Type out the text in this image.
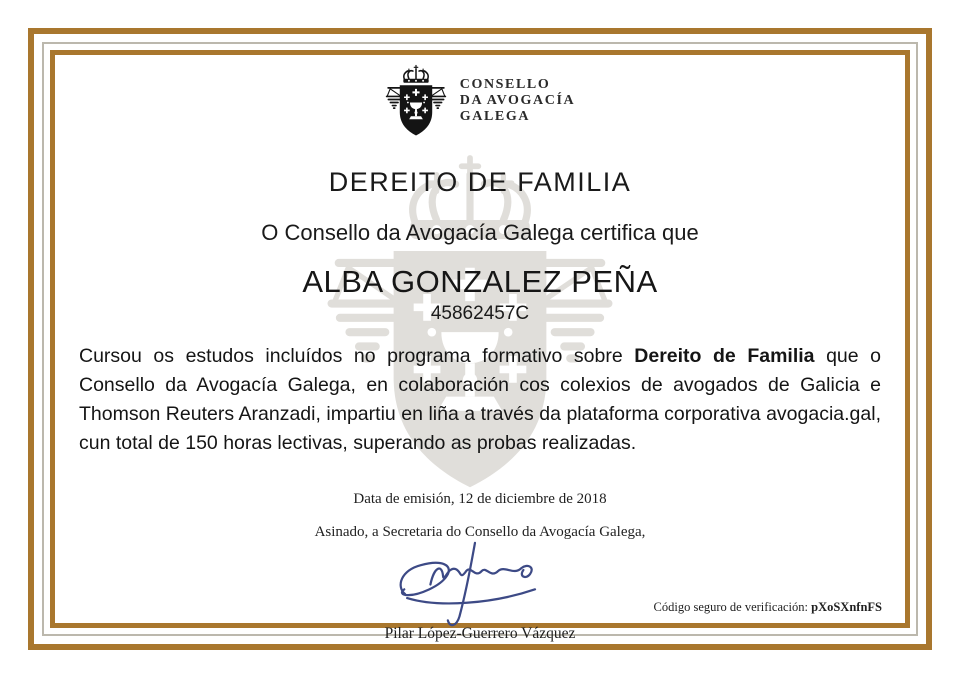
CONSELLO
DA AVOGACÍA
GALEGA
DEREITO DE FAMILIA
O Consello da Avogacía Galega certifica que
ALBA GONZALEZ PEÑA
45862457C

Cursou os estudos incluídos no programa formativo sobre Dereito de Familia que o Consello da Avogacía Galega, en colaboración cos colexios de avogados de Galicia e Thomson Reuters Aranzadi, impartiu en liña a través da plataforma corporativa avogacia.gal, cun total de 150 horas lectivas, superando as probas realizadas.

Data de emisión, 12 de diciembre de 2018
Asinado, a Secretaria do Consello da Avogacía Galega,
Pilar López-Guerrero Vázquez
Código seguro de verificación: pXoSXnfnFS
